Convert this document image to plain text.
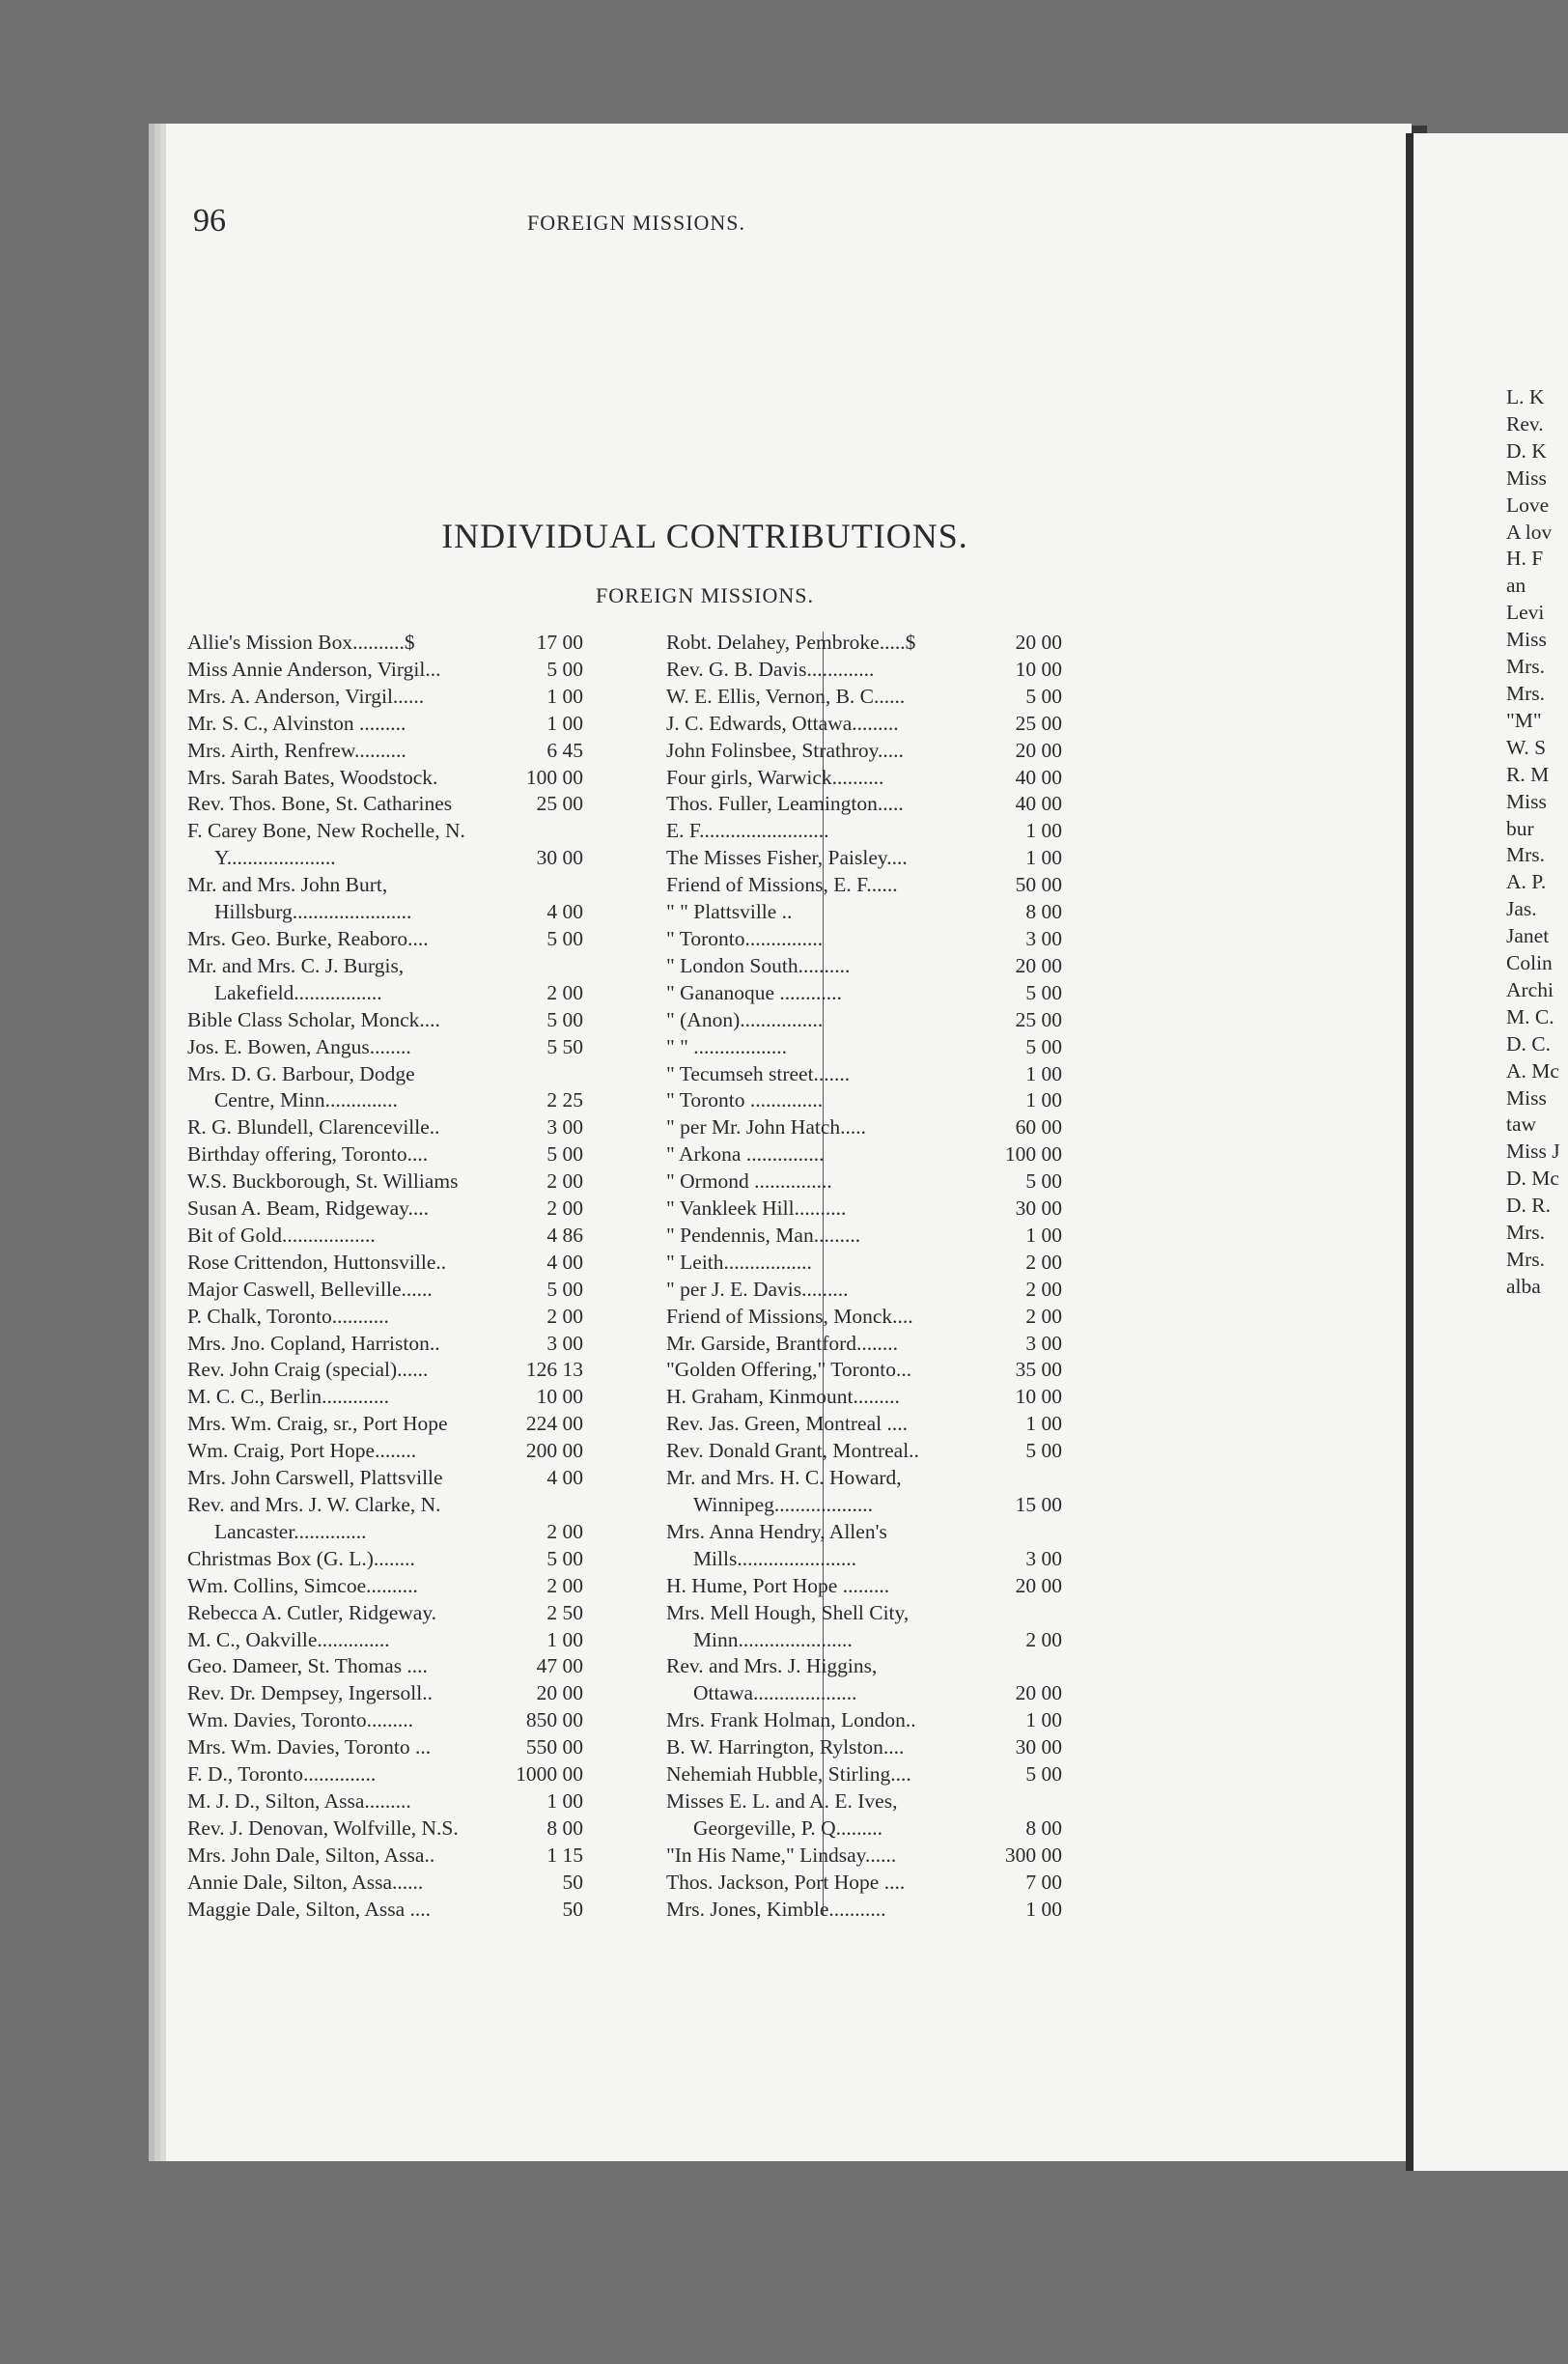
96	FOREIGN MISSIONS.
INDIVIDUAL CONTRIBUTIONS.
FOREIGN MISSIONS.
Allie's Mission Box..........$	17 00
Miss Annie Anderson, Virgil...	5 00
Mrs. A. Anderson, Virgil......	1 00
Mr. S. C., Alvinston .........	1 00
Mrs. Airth, Renfrew..........	6 45
Mrs. Sarah Bates, Woodstock.	100 00
Rev. Thos. Bone, St. Catharines	25 00
F. Carey Bone, New Rochelle, N. Y.....................	30 00
Mr. and Mrs. John Burt, Hillsburg.......................	4 00
Mrs. Geo. Burke, Reaboro....	5 00
Mr. and Mrs. C. J. Burgis, Lakefield.................	2 00
Bible Class Scholar, Monck....	5 00
Jos. E. Bowen, Angus........	5 50
Mrs. D. G. Barbour, Dodge Centre, Minn..............	2 25
R. G. Blundell, Clarenceville..	3 00
Birthday offering, Toronto....	5 00
W.S. Buckborough, St. Williams	2 00
Susan A. Beam, Ridgeway....	2 00
Bit of Gold..................	4 86
Rose Crittendon, Huttonsville..	4 00
Major Caswell, Belleville......	5 00
P. Chalk, Toronto...........	2 00
Mrs. Jno. Copland, Harriston..	3 00
Rev. John Craig (special)......	126 13
M. C. C., Berlin.............	10 00
Mrs. Wm. Craig, sr., Port Hope	224 00
Wm. Craig, Port Hope........	200 00
Mrs. John Carswell, Plattsville	4 00
Rev. and Mrs. J. W. Clarke, N. Lancaster..............	2 00
Christmas Box (G. L.)........	5 00
Wm. Collins, Simcoe..........	2 00
Rebecca A. Cutler, Ridgeway.	2 50
M. C., Oakville..............	1 00
Geo. Dameer, St. Thomas ....	47 00
Rev. Dr. Dempsey, Ingersoll..	20 00
Wm. Davies, Toronto.........	850 00
Mrs. Wm. Davies, Toronto ...	550 00
F. D., Toronto..............	1000 00
M. J. D., Silton, Assa.........	1 00
Rev. J. Denovan, Wolfville, N.S.	8 00
Mrs. John Dale, Silton, Assa..	1 15
Annie Dale, Silton, Assa......	50
Maggie Dale, Silton, Assa ....	50
Robt. Delahey, Pembroke.....$	20 00
Rev. G. B. Davis.............	10 00
W. E. Ellis, Vernon, B. C......	5 00
J. C. Edwards, Ottawa.........	25 00
John Folinsbee, Strathroy.....	20 00
Four girls, Warwick..........	40 00
Thos. Fuller, Leamington.....	40 00
E. F.........................	1 00
The Misses Fisher, Paisley....	1 00
Friend of Missions, E. F......	50 00
" " Plattsville ..	8 00
" Toronto...............	3 00
" London South..........	20 00
" Gananoque ............	5 00
" (Anon)................	25 00
" " ..................	5 00
" Tecumseh street.......	1 00
" Toronto ..............	1 00
" per Mr. John Hatch.....	60 00
" Arkona ...............	100 00
" Ormond ...............	5 00
" Vankleek Hill..........	30 00
" Pendennis, Man.........	1 00
" Leith.................	2 00
" per J. E. Davis.........	2 00
Friend of Missions, Monck....	2 00
Mr. Garside, Brantford........	3 00
"Golden Offering," Toronto...	35 00
H. Graham, Kinmount.........	10 00
Rev. Jas. Green, Montreal ....	1 00
Rev. Donald Grant, Montreal..	5 00
Mr. and Mrs. H. C. Howard, Winnipeg...................	15 00
Mrs. Anna Hendry, Allen's Mills.......................	3 00
H. Hume, Port Hope .........	20 00
Mrs. Mell Hough, Shell City, Minn......................	2 00
Rev. and Mrs. J. Higgins, Ottawa....................	20 00
Mrs. Frank Holman, London..	1 00
B. W. Harrington, Rylston....	30 00
Nehemiah Hubble, Stirling....	5 00
Misses E. L. and A. E. Ives, Georgeville, P. Q.........	8 00
"In His Name," Lindsay......	300 00
Thos. Jackson, Port Hope ....	7 00
Mrs. Jones, Kimble...........	1 00
L. K
Rev.
D. K
Miss
Love
A lov
H. F
an
Levi
Miss
Mrs.
Mrs.
"M"
W. S
R. M
Miss
bur
Mrs.
A. P.
Jas.
Janet
Colin
Archi
M. C.
D. C.
A. Mc
Miss
taw
Miss J
D. Mc
D. R.
Mrs.
Mrs.
alba
